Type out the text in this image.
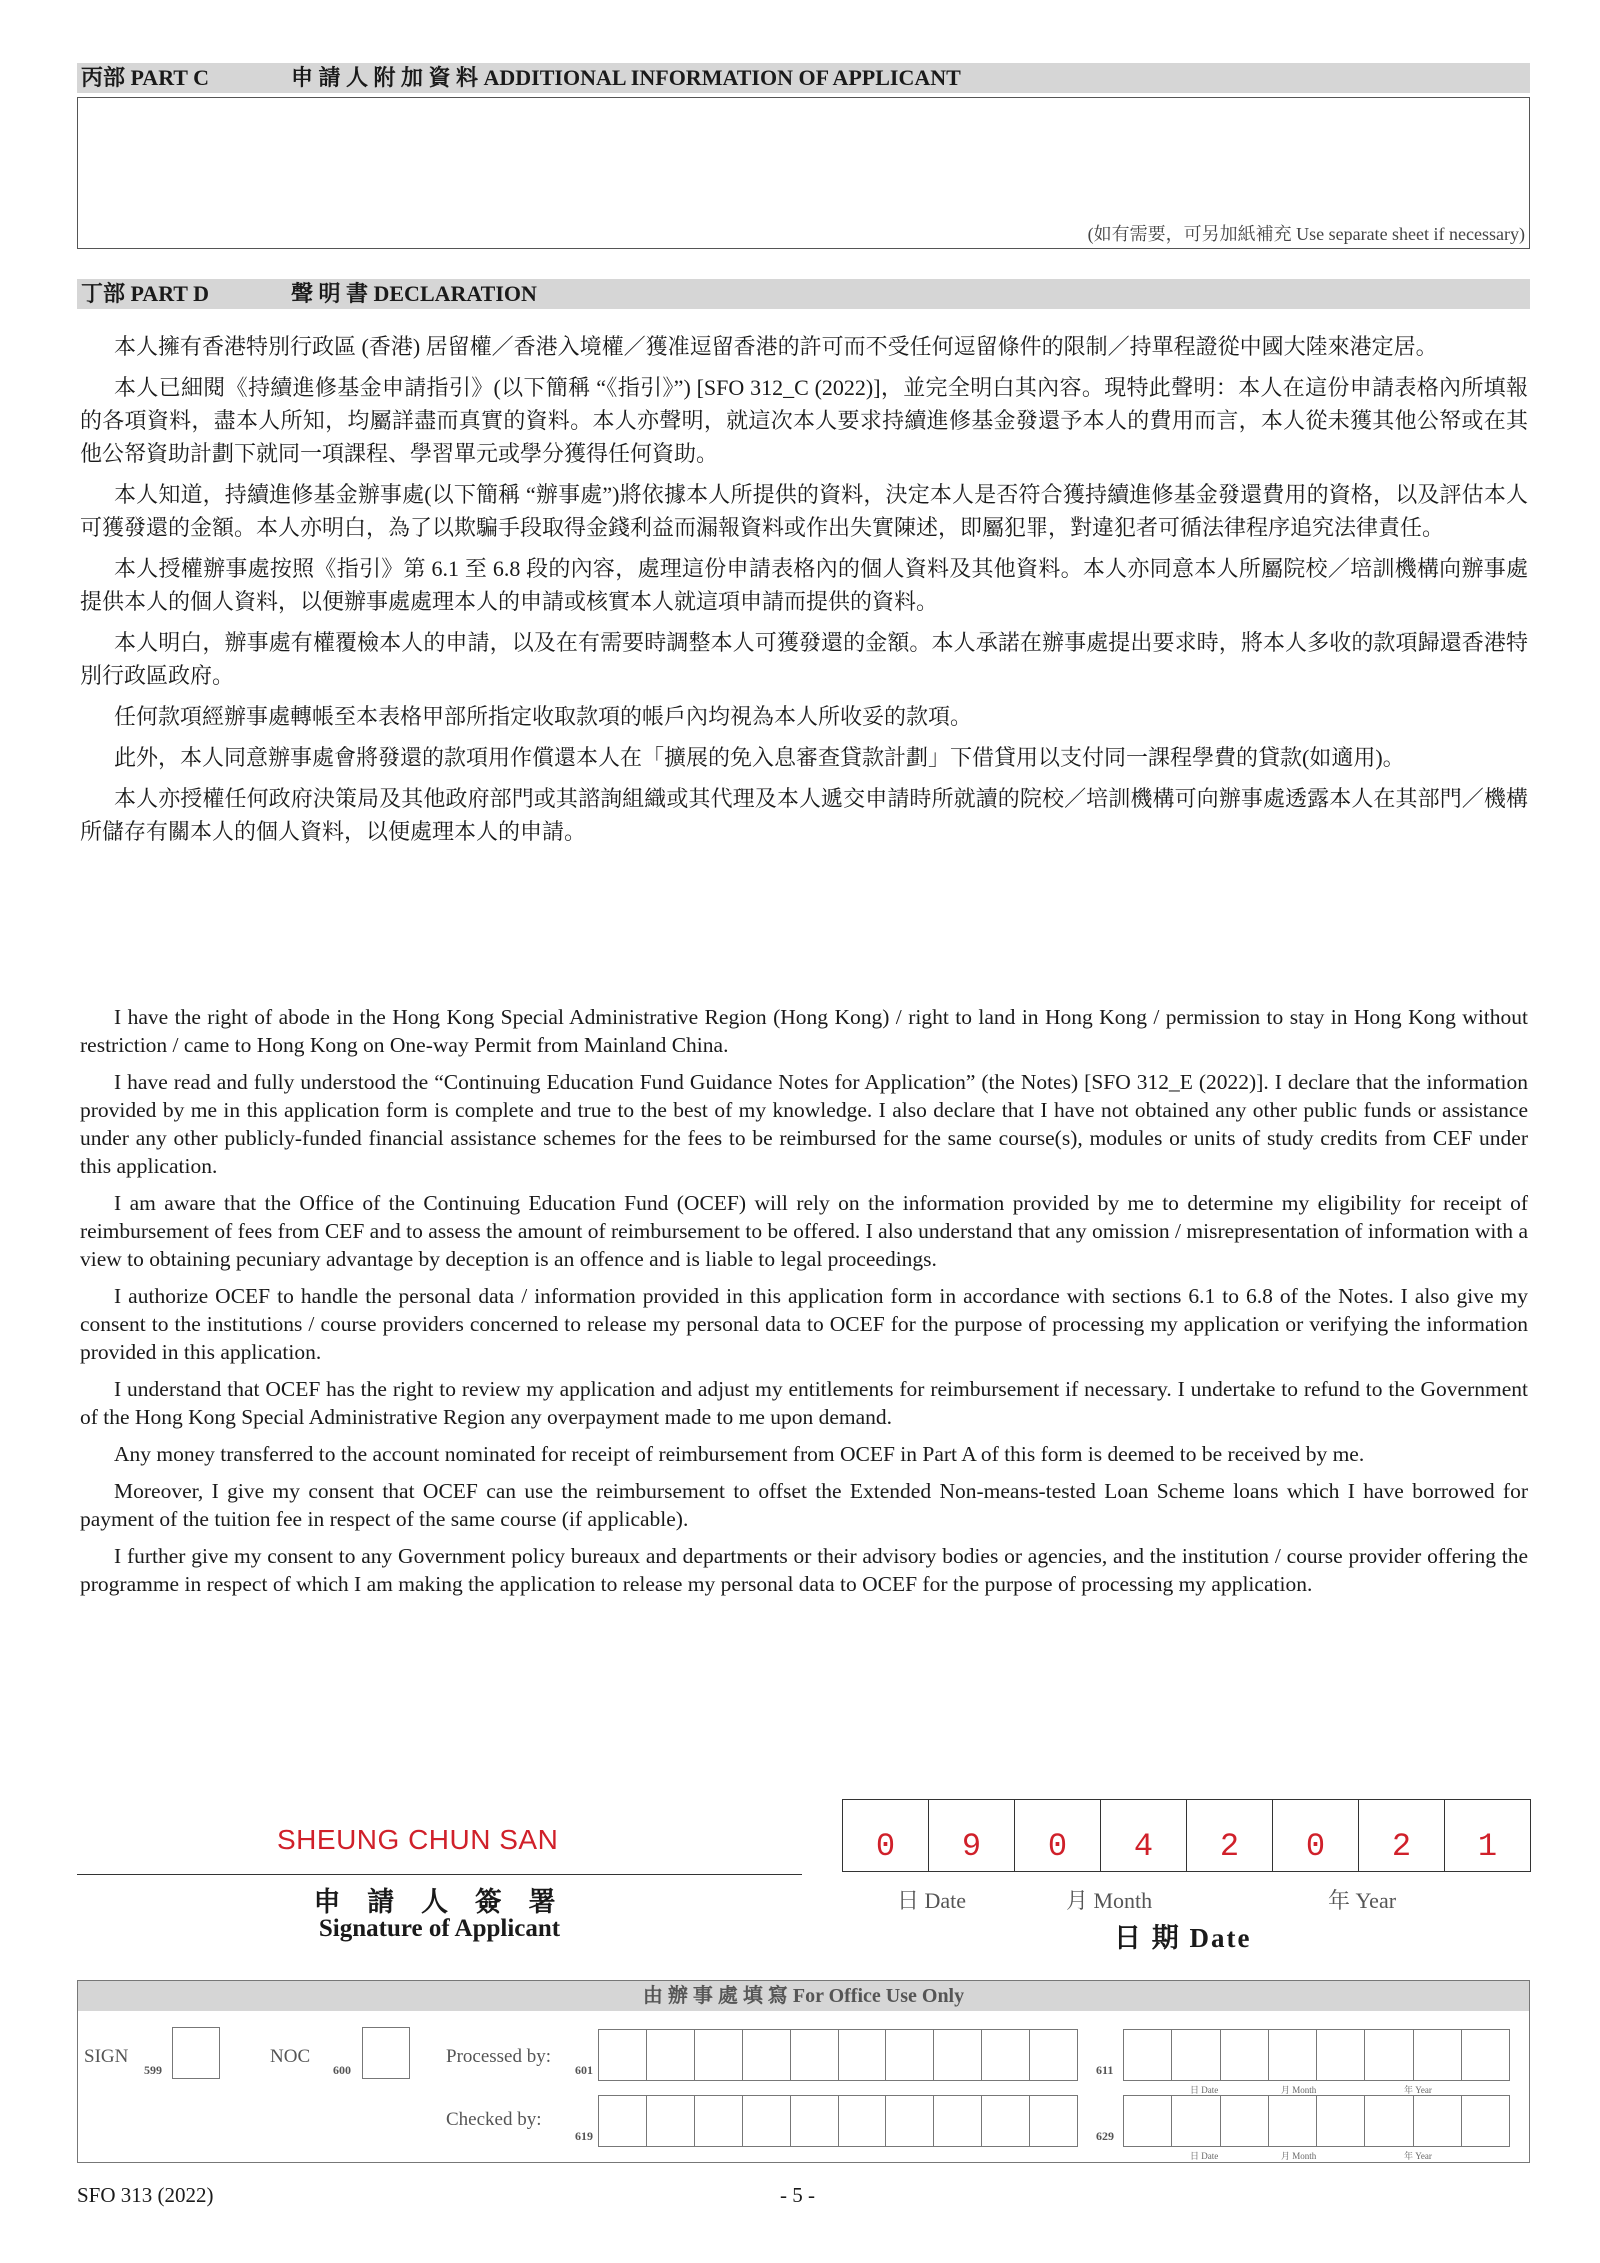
丙部 PART C	申 請 人 附 加 資 料 ADDITIONAL INFORMATION OF APPLICANT
(如有需要，可另加紙補充 Use separate sheet if necessary)
丁部 PART D	聲 明 書 DECLARATION

本人擁有香港特別行政區 (香港) 居留權／香港入境權／獲准逗留香港的許可而不受任何逗留條件的限制／持單程證從中國大陸來港定居。

本人已細閱《持續進修基金申請指引》(以下簡稱 “《指引》”) [SFO 312_C (2022)]，並完全明白其內容。現特此聲明：本人在這份申請表格內所填報的各項資料，盡本人所知，均屬詳盡而真實的資料。本人亦聲明，就這次本人要求持續進修基金發還予本人的費用而言，本人從未獲其他公帑或在其他公帑資助計劃下就同一項課程、學習單元或學分獲得任何資助。

本人知道，持續進修基金辦事處(以下簡稱 “辦事處”)將依據本人所提供的資料，決定本人是否符合獲持續進修基金發還費用的資格，以及評估本人可獲發還的金額。本人亦明白，為了以欺騙手段取得金錢利益而漏報資料或作出失實陳述，即屬犯罪，對違犯者可循法律程序追究法律責任。

本人授權辦事處按照《指引》第 6.1 至 6.8 段的內容，處理這份申請表格內的個人資料及其他資料。本人亦同意本人所屬院校／培訓機構向辦事處提供本人的個人資料，以便辦事處處理本人的申請或核實本人就這項申請而提供的資料。

本人明白，辦事處有權覆檢本人的申請，以及在有需要時調整本人可獲發還的金額。本人承諾在辦事處提出要求時，將本人多收的款項歸還香港特別行政區政府。

任何款項經辦事處轉帳至本表格甲部所指定收取款項的帳戶內均視為本人所收妥的款項。

此外，本人同意辦事處會將發還的款項用作償還本人在「擴展的免入息審查貸款計劃」下借貸用以支付同一課程學費的貸款(如適用)。

本人亦授權任何政府決策局及其他政府部門或其諮詢組織或其代理及本人遞交申請時所就讀的院校／培訓機構可向辦事處透露本人在其部門／機構所儲存有關本人的個人資料，以便處理本人的申請。

I have the right of abode in the Hong Kong Special Administrative Region (Hong Kong) / right to land in Hong Kong / permission to stay in Hong Kong without restriction / came to Hong Kong on One-way Permit from Mainland China.

I have read and fully understood the “Continuing Education Fund Guidance Notes for Application” (the Notes) [SFO 312_E (2022)]. I declare that the information provided by me in this application form is complete and true to the best of my knowledge. I also declare that I have not obtained any other public funds or assistance under any other publicly-funded financial assistance schemes for the fees to be reimbursed for the same course(s), modules or units of study credits from CEF under this application.

I am aware that the Office of the Continuing Education Fund (OCEF) will rely on the information provided by me to determine my eligibility for receipt of reimbursement of fees from CEF and to assess the amount of reimbursement to be offered. I also understand that any omission / misrepresentation of information with a view to obtaining pecuniary advantage by deception is an offence and is liable to legal proceedings.

I authorize OCEF to handle the personal data / information provided in this application form in accordance with sections 6.1 to 6.8 of the Notes. I also give my consent to the institutions / course providers concerned to release my personal data to OCEF for the purpose of processing my application or verifying the information provided in this application.

I understand that OCEF has the right to review my application and adjust my entitlements for reimbursement if necessary. I undertake to refund to the Government of the Hong Kong Special Administrative Region any overpayment made to me upon demand.

Any money transferred to the account nominated for receipt of reimbursement from OCEF in Part A of this form is deemed to be received by me.

Moreover, I give my consent that OCEF can use the reimbursement to offset the Extended Non-means-tested Loan Scheme loans which I have borrowed for payment of the tuition fee in respect of the same course (if applicable).

I further give my consent to any Government policy bureaux and departments or their advisory bodies or agencies, and the institution / course provider offering the programme in respect of which I am making the application to release my personal data to OCEF for the purpose of processing my application.

SHEUNG CHUN SAN
申 請 人 簽 署
Signature of Applicant
0	9	0	4	2	0	2	1
日 Date	月 Month	年 Year
日 期 Date
由 辦 事 處 填 寫 For Office Use Only
SIGN
599
NOC
600
Processed by:
601	611
日 Date	月 Month	年 Year
Checked by:
619	629
日 Date	月 Month	年 Year
SFO 313 (2022)	- 5 -
